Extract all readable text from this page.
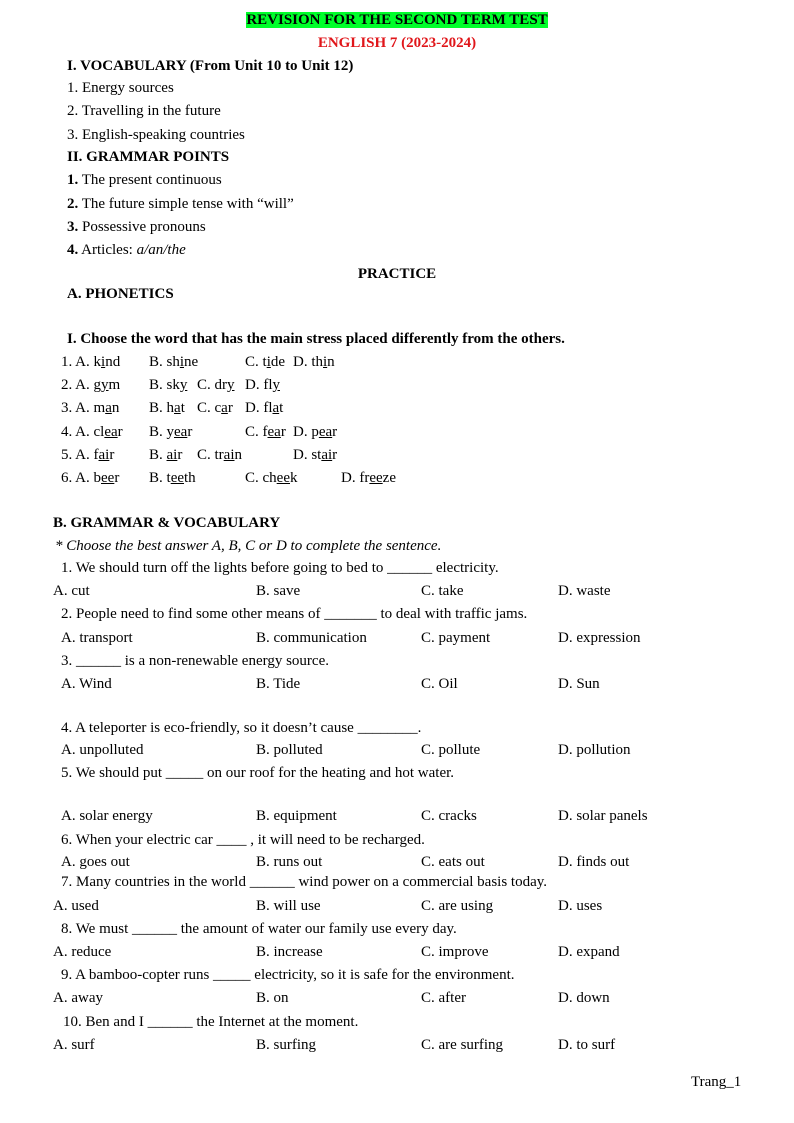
REVISION FOR THE SECOND TERM TEST
ENGLISH 7 (2023-2024)
I. VOCABULARY (From Unit 10 to Unit 12)
1. Energy sources
2. Travelling in the future
3. English-speaking countries
II. GRAMMAR POINTS
1. The present continuous
2. The future simple tense with “will”
3. Possessive pronouns
4. Articles: a/an/the
PRACTICE
A. PHONETICS
I. Choose the word that has the main stress placed differently from the others.
1. A. kind B. shine	C. tide D. thin
2. A. gym B. sky C. dry D. fly
3. A. man B. hat C. car D. flat
4. A. clear B. year	C. fear D. pear
5. A. fair B. air C. train	D. stair
6. A. beer B. teeth	C. cheek	D. freeze
B. GRAMMAR & VOCABULARY
* Choose the best answer A, B, C or D to complete the sentence.
1. We should turn off the lights before going to bed to ______ electricity.
A. cut	B. save	C. take	D. waste
2. People need to find some other means of _______ to deal with traffic jams.
A. transport	B. communication	C. payment	D. expression
3. ______ is a non-renewable energy source.
A. Wind	B. Tide	C. Oil	D. Sun
4. A teleporter is eco-friendly, so it doesn’t cause ________.
A. unpolluted	B. polluted	C. pollute	D. pollution
5. We should put _____ on our roof for the heating and hot water.
A. solar energy	B. equipment	C. cracks	D. solar panels
6. When your electric car ____ , it will need to be recharged.
A. goes out	B. runs out	C. eats out	D. finds out
7. Many countries in the world ______ wind power on a commercial basis today.
A. used	B. will use	C. are using	D. uses
8. We must ______ the amount of water our family use every day.
A. reduce	B. increase	C. improve	D. expand
9. A bamboo-copter runs _____ electricity, so it is safe for the environment.
A. away	B. on	C. after	D. down
10. Ben and I ______ the Internet at the moment.
A. surf	B. surfing	C. are surfing	D. to surf
Trang_1
